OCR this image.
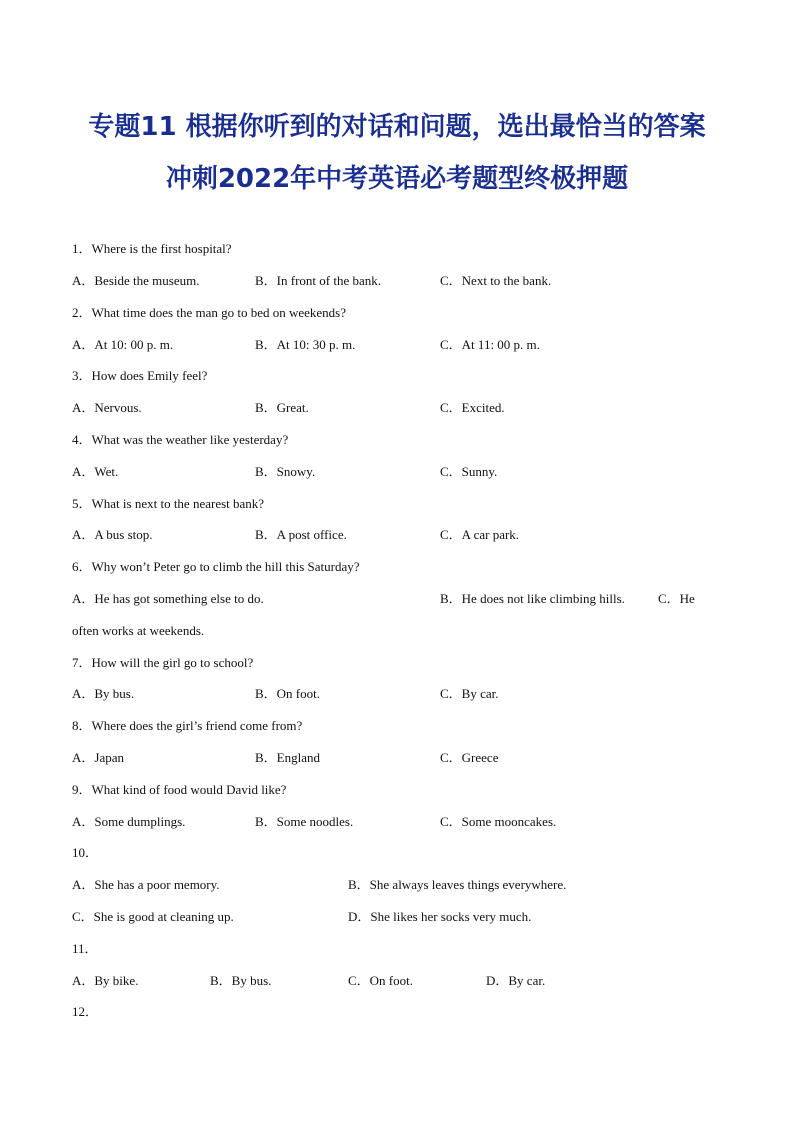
专题11 根据你听到的对话和问题，选出最恰当的答案
冲刺2022年中考英语必考题型终极押题
1．Where is the first hospital?
A．Beside the museum.	B．In front of the bank.	C．Next to the bank.
2．What time does the man go to bed on weekends?
A．At 10: 00 p. m.	B．At 10: 30 p. m.	C．At 11: 00 p. m.
3．How does Emily feel?
A．Nervous.	B．Great.	C．Excited.
4．What was the weather like yesterday?
A．Wet.	B．Snowy.	C．Sunny.
5．What is next to the nearest bank?
A．A bus stop.	B．A post office.	C．A car park.
6．Why won’t Peter go to climb the hill this Saturday?
A．He has got something else to do.	B．He does not like climbing hills.	C．He
often works at weekends.
7．How will the girl go to school?
A．By bus.	B．On foot.	C．By car.
8．Where does the girl’s friend come from?
A．Japan	B．England	C．Greece
9．What kind of food would David like?
A．Some dumplings.	B．Some noodles.	C．Some mooncakes.
10．
A．She has a poor memory.	B．She always leaves things everywhere.
C．She is good at cleaning up.	D．She likes her socks very much.
11．
A．By bike.	B．By bus.	C．On foot.	D．By car.
12．
